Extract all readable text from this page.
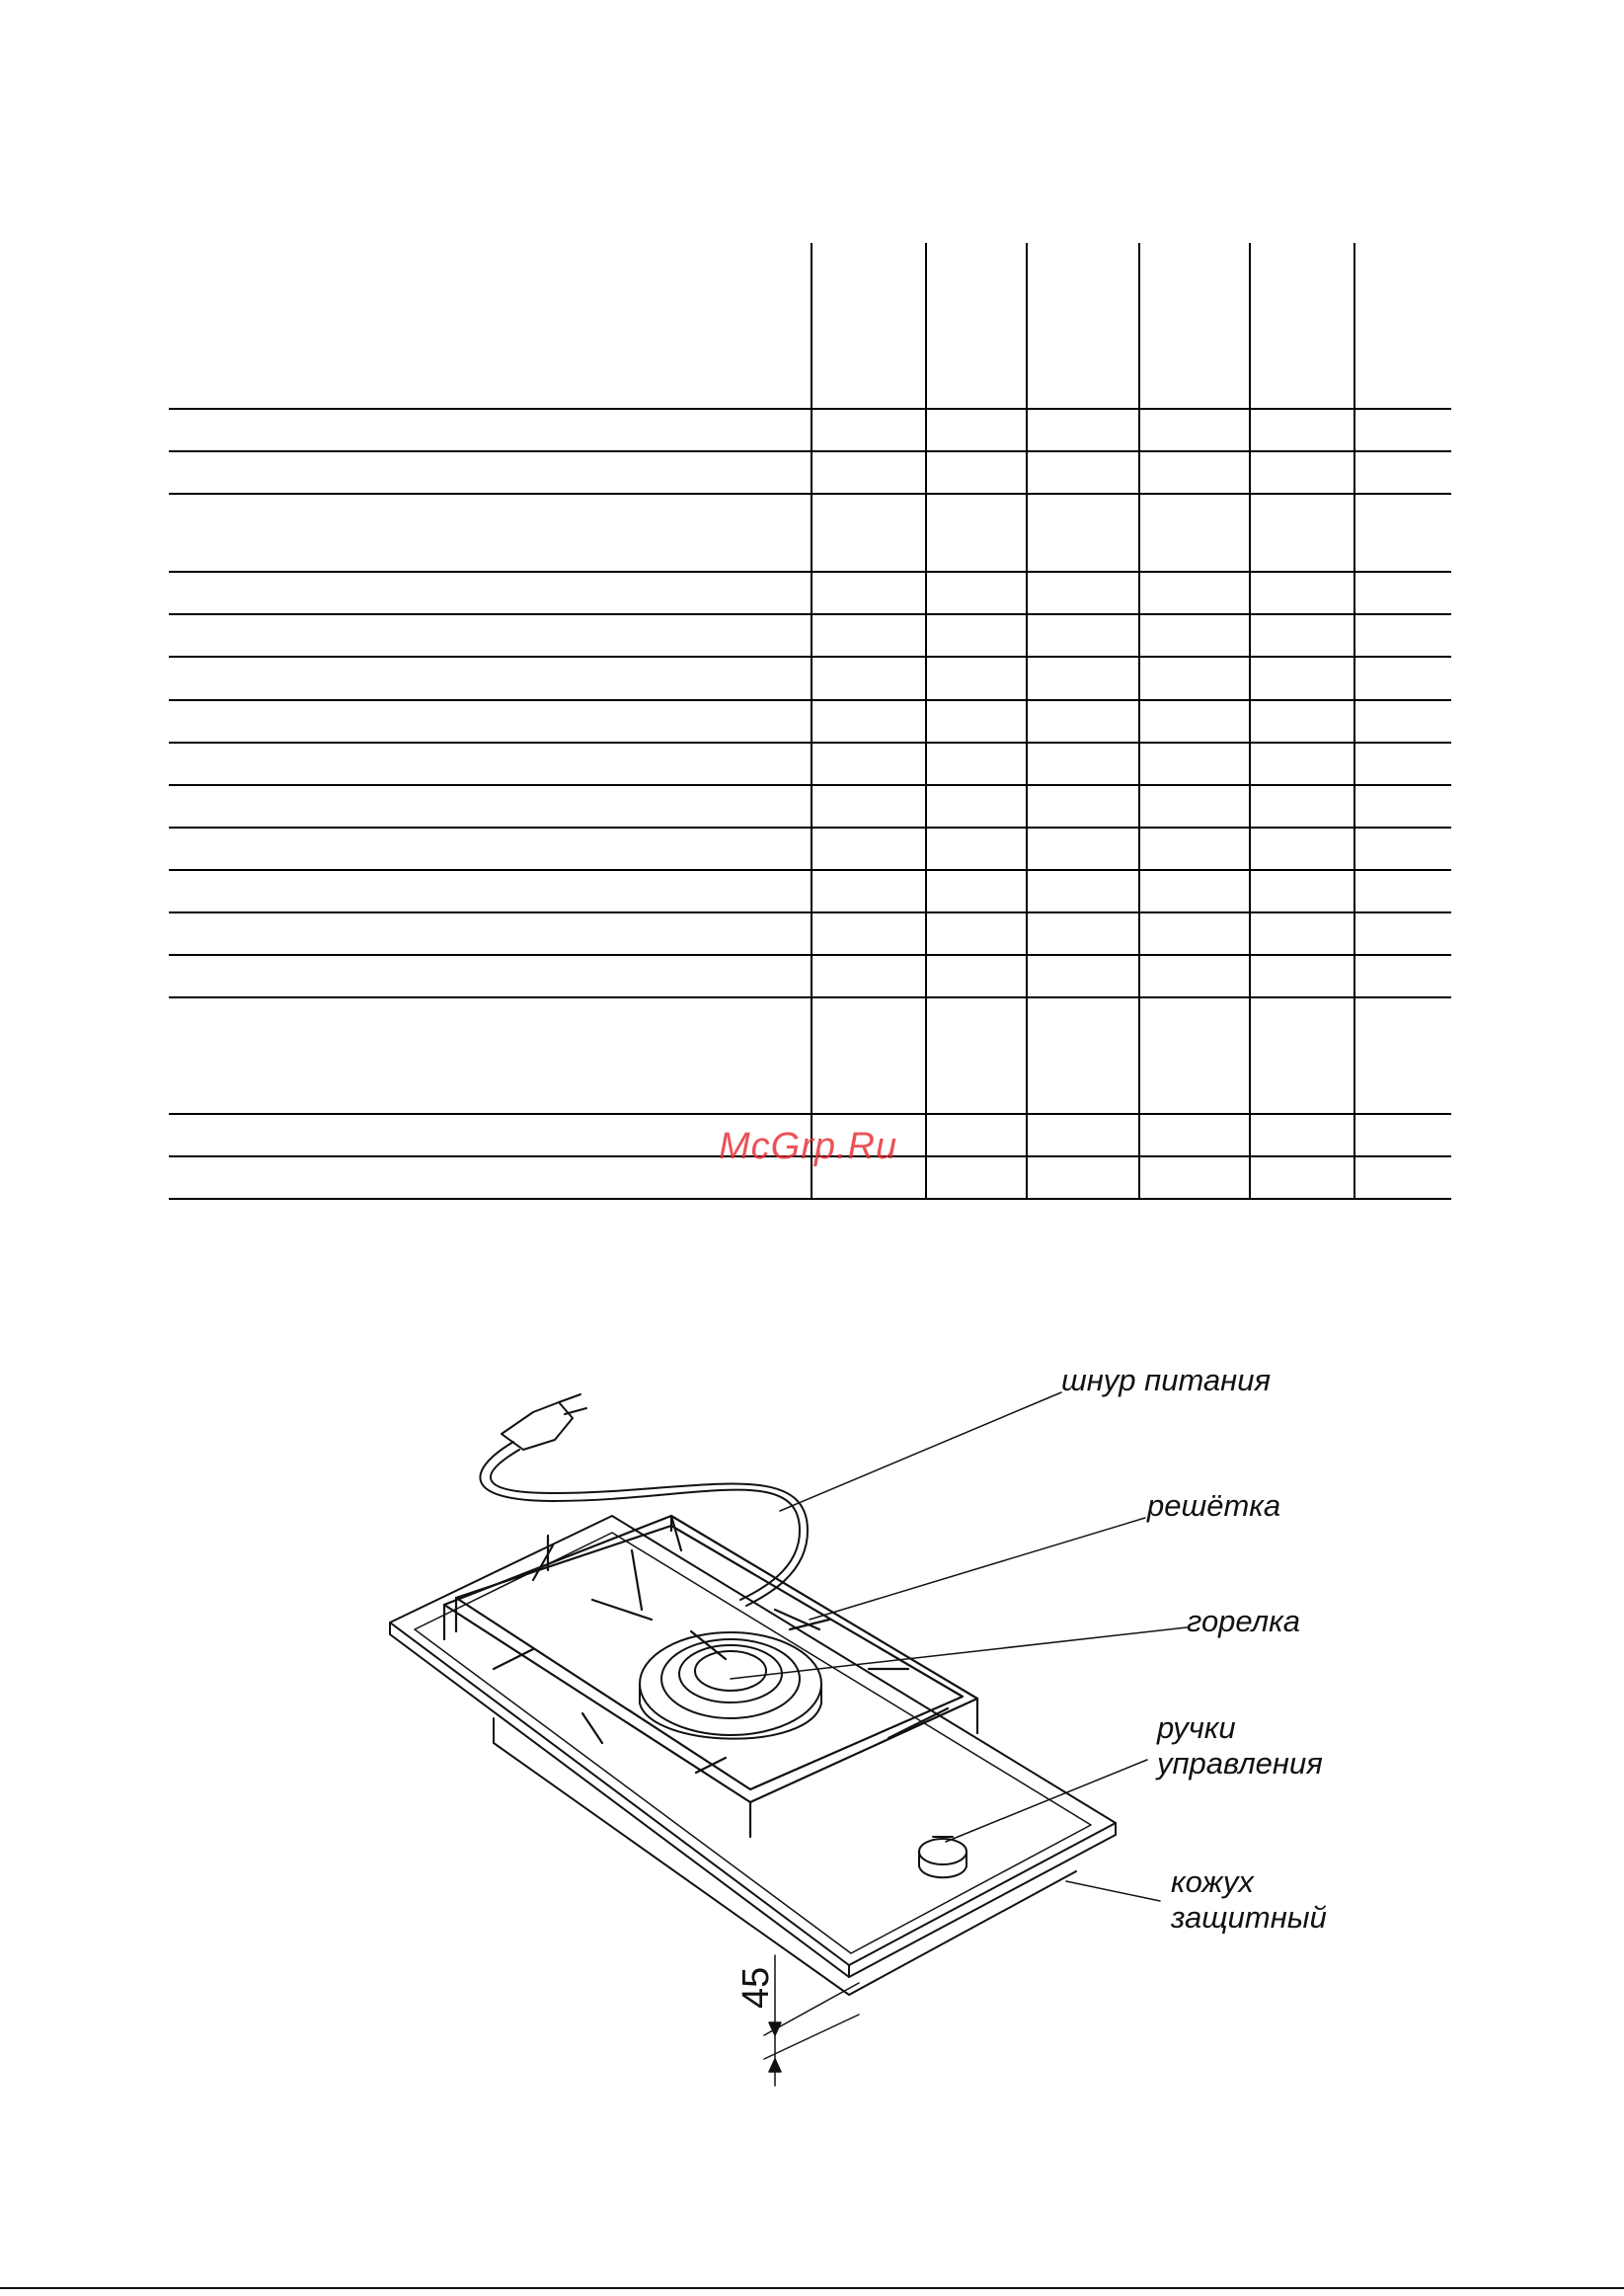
McGrp.Ru
шнур питания
решётка
горелка
ручки
управления
кожух
защитный
45
